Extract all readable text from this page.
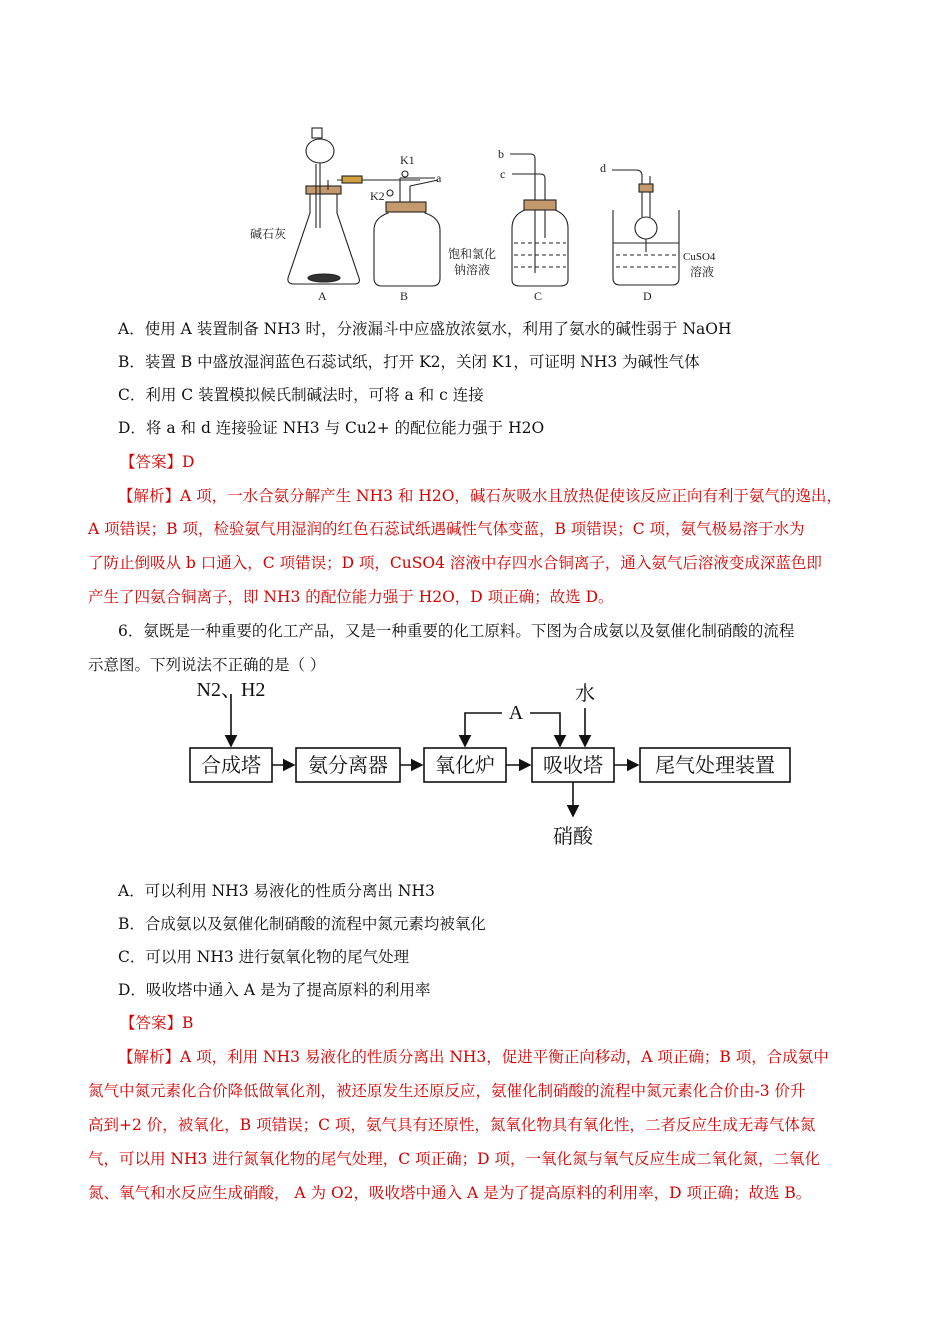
K1
K2
a
b
c	d
碱石灰
饱和氯化
钠溶液
CuSO4
溶液
A	B	C	D
A．使用 A 装置制备 NH3 时，分液漏斗中应盛放浓氨水，利用了氨水的碱性弱于 NaOH
B．装置 B 中盛放湿润蓝色石蕊试纸，打开 K2，关闭 K1，可证明 NH3 为碱性气体
C．利用 C 装置模拟候氏制碱法时，可将 a 和 c 连接
D．将 a 和 d 连接验证 NH3 与 Cu2+ 的配位能力强于 H2O
【答案】D
【解析】A 项，一水合氨分解产生 NH3 和 H2O，碱石灰吸水且放热促使该反应正向有利于氨气的逸出，
A 项错误；B 项，检验氨气用湿润的红色石蕊试纸遇碱性气体变蓝，B 项错误；C 项，氨气极易溶于水为
了防止倒吸从 b 口通入，C 项错误；D 项，CuSO4 溶液中存四水合铜离子，通入氨气后溶液变成深蓝色即
产生了四氨合铜离子，即 NH3 的配位能力强于 H2O，D 项正确；故选 D。
6．氨既是一种重要的化工产品，又是一种重要的化工原料。下图为合成氨以及氨催化制硝酸的流程
示意图。下列说法不正确的是（ ）
合成塔 氨分离器 氧化炉 吸收塔	尾气处理装置
N2、H2
A
水
硝酸
A．可以利用 NH3 易液化的性质分离出 NH3
B．合成氨以及氨催化制硝酸的流程中氮元素均被氧化
C．可以用 NH3 进行氨氧化物的尾气处理
D．吸收塔中通入 A 是为了提高原料的利用率
【答案】B
【解析】A 项，利用 NH3 易液化的性质分离出 NH3，促进平衡正向移动，A 项正确；B 项，合成氨中
氮气中氮元素化合价降低做氧化剂，被还原发生还原反应，氨催化制硝酸的流程中氮元素化合价由-3 价升
高到+2 价，被氧化，B 项错误；C 项，氨气具有还原性，氮氧化物具有氧化性，二者反应生成无毒气体氮
气，可以用 NH3 进行氮氧化物的尾气处理，C 项正确；D 项，一氧化氮与氧气反应生成二氧化氮，二氧化
氮、氧气和水反应生成硝酸， A 为 O2，吸收塔中通入 A 是为了提高原料的利用率，D 项正确；故选 B。
